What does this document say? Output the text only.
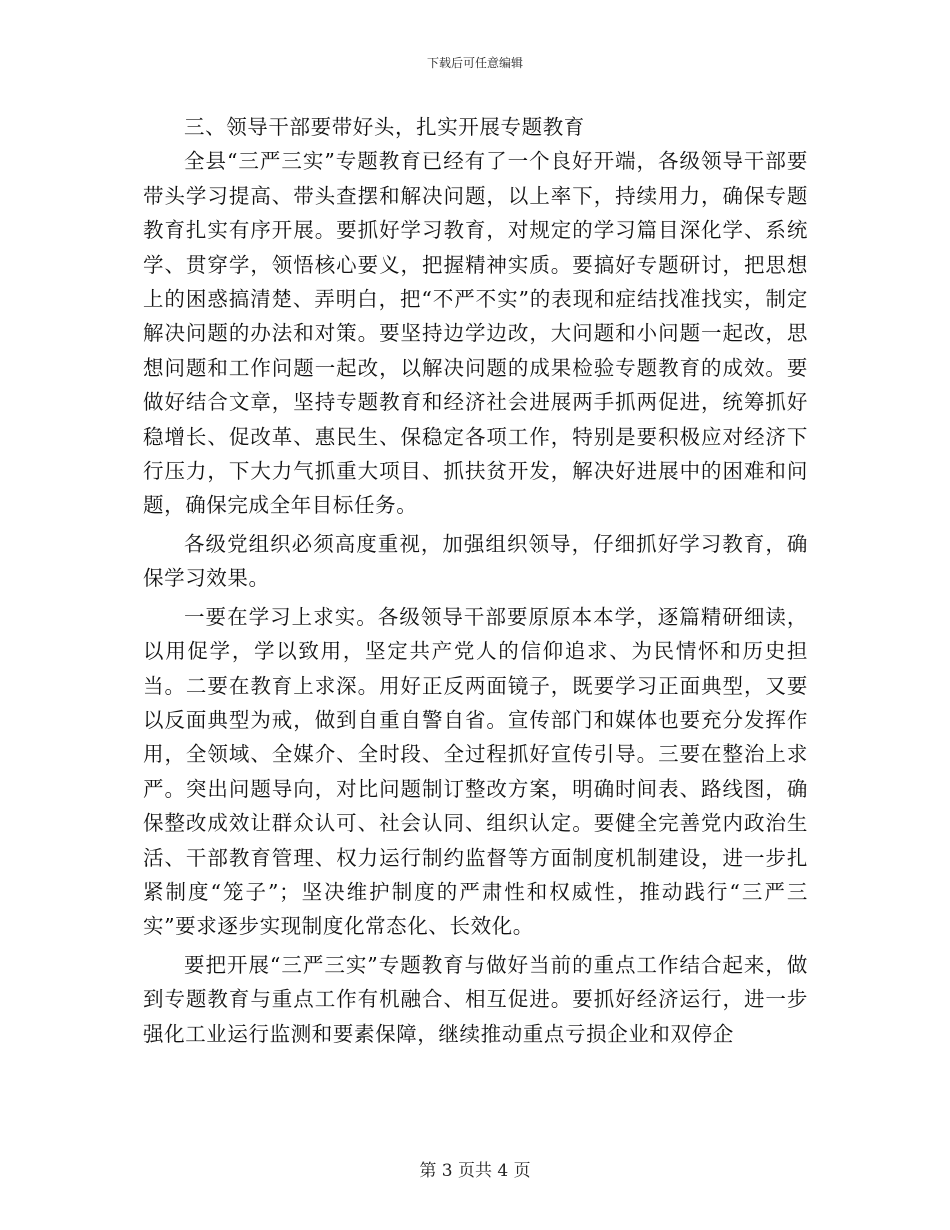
下载后可任意编辑

三、领导干部要带好头，扎实开展专题教育

全县“三严三实”专题教育已经有了一个良好开端，各级领导干部要带头学习提高、带头查摆和解决问题，以上率下，持续用力，确保专题教育扎实有序开展。要抓好学习教育，对规定的学习篇目深化学、系统学、贯穿学，领悟核心要义，把握精神实质。要搞好专题研讨，把思想上的困惑搞清楚、弄明白，把“不严不实”的表现和症结找准找实，制定解决问题的办法和对策。要坚持边学边改，大问题和小问题一起改，思想问题和工作问题一起改，以解决问题的成果检验专题教育的成效。要做好结合文章，坚持专题教育和经济社会进展两手抓两促进，统筹抓好稳增长、促改革、惠民生、保稳定各项工作，特别是要积极应对经济下行压力，下大力气抓重大项目、抓扶贫开发，解决好进展中的困难和问题，确保完成全年目标任务。

各级党组织必须高度重视，加强组织领导，仔细抓好学习教育，确保学习效果。

一要在学习上求实。各级领导干部要原原本本学，逐篇精研细读，以用促学，学以致用，坚定共产党人的信仰追求、为民情怀和历史担当。二要在教育上求深。用好正反两面镜子，既要学习正面典型，又要以反面典型为戒，做到自重自警自省。宣传部门和媒体也要充分发挥作用，全领域、全媒介、全时段、全过程抓好宣传引导。三要在整治上求严。突出问题导向，对比问题制订整改方案，明确时间表、路线图，确保整改成效让群众认可、社会认同、组织认定。要健全完善党内政治生活、干部教育管理、权力运行制约监督等方面制度机制建设，进一步扎紧制度“笼子”；坚决维护制度的严肃性和权威性，推动践行“三严三实”要求逐步实现制度化常态化、长效化。

要把开展“三严三实”专题教育与做好当前的重点工作结合起来，做到专题教育与重点工作有机融合、相互促进。要抓好经济运行，进一步强化工业运行监测和要素保障，继续推动重点亏损企业和双停企

第 3 页共 4 页
